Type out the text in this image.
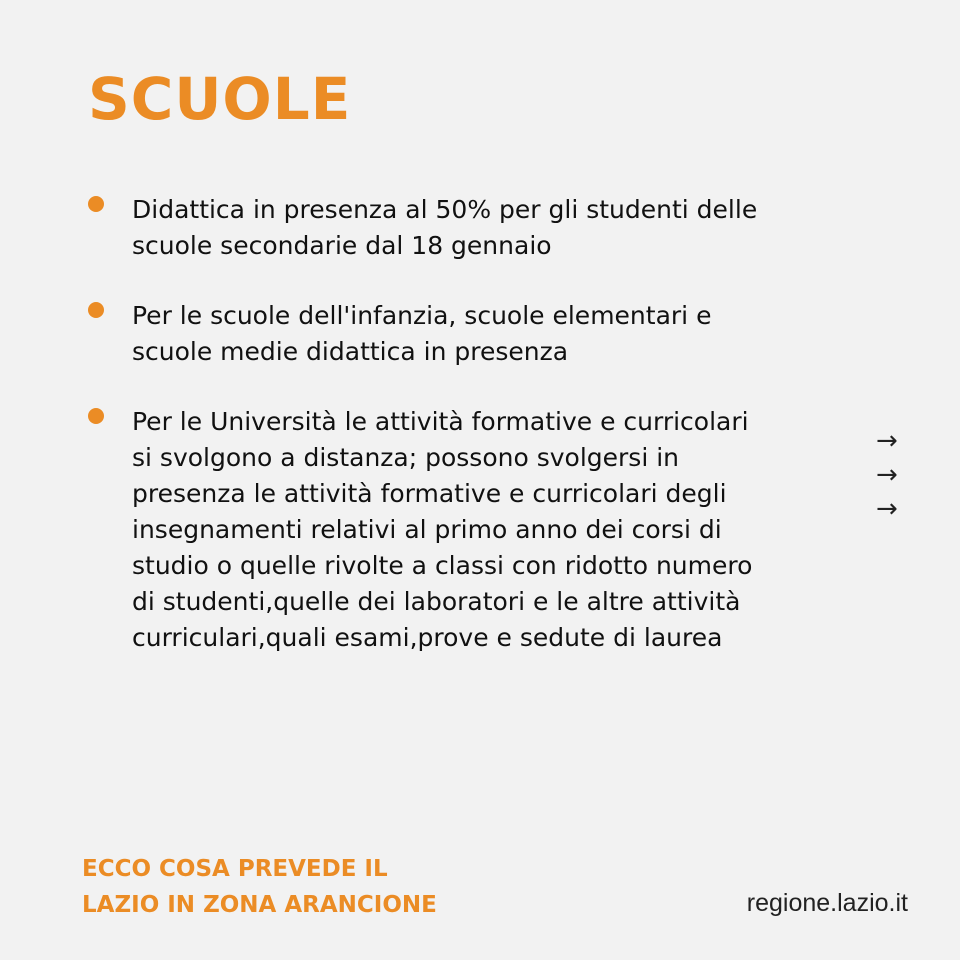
SCUOLE
Didattica in presenza al 50% per gli studenti delle
scuole secondarie dal 18 gennaio
Per le scuole dell'infanzia, scuole elementari e
scuole medie didattica in presenza
Per le Università le attività formative e curricolari
si svolgono a distanza; possono svolgersi in
presenza le attività formative e curricolari degli
insegnamenti relativi al primo anno dei corsi di
studio o quelle rivolte a classi con ridotto numero
di studenti,quelle dei laboratori e le altre attività
curriculari,quali esami,prove e sedute di laurea
→
→
→
ECCO COSA PREVEDE IL
LAZIO IN ZONA ARANCIONE	regione.lazio.it
